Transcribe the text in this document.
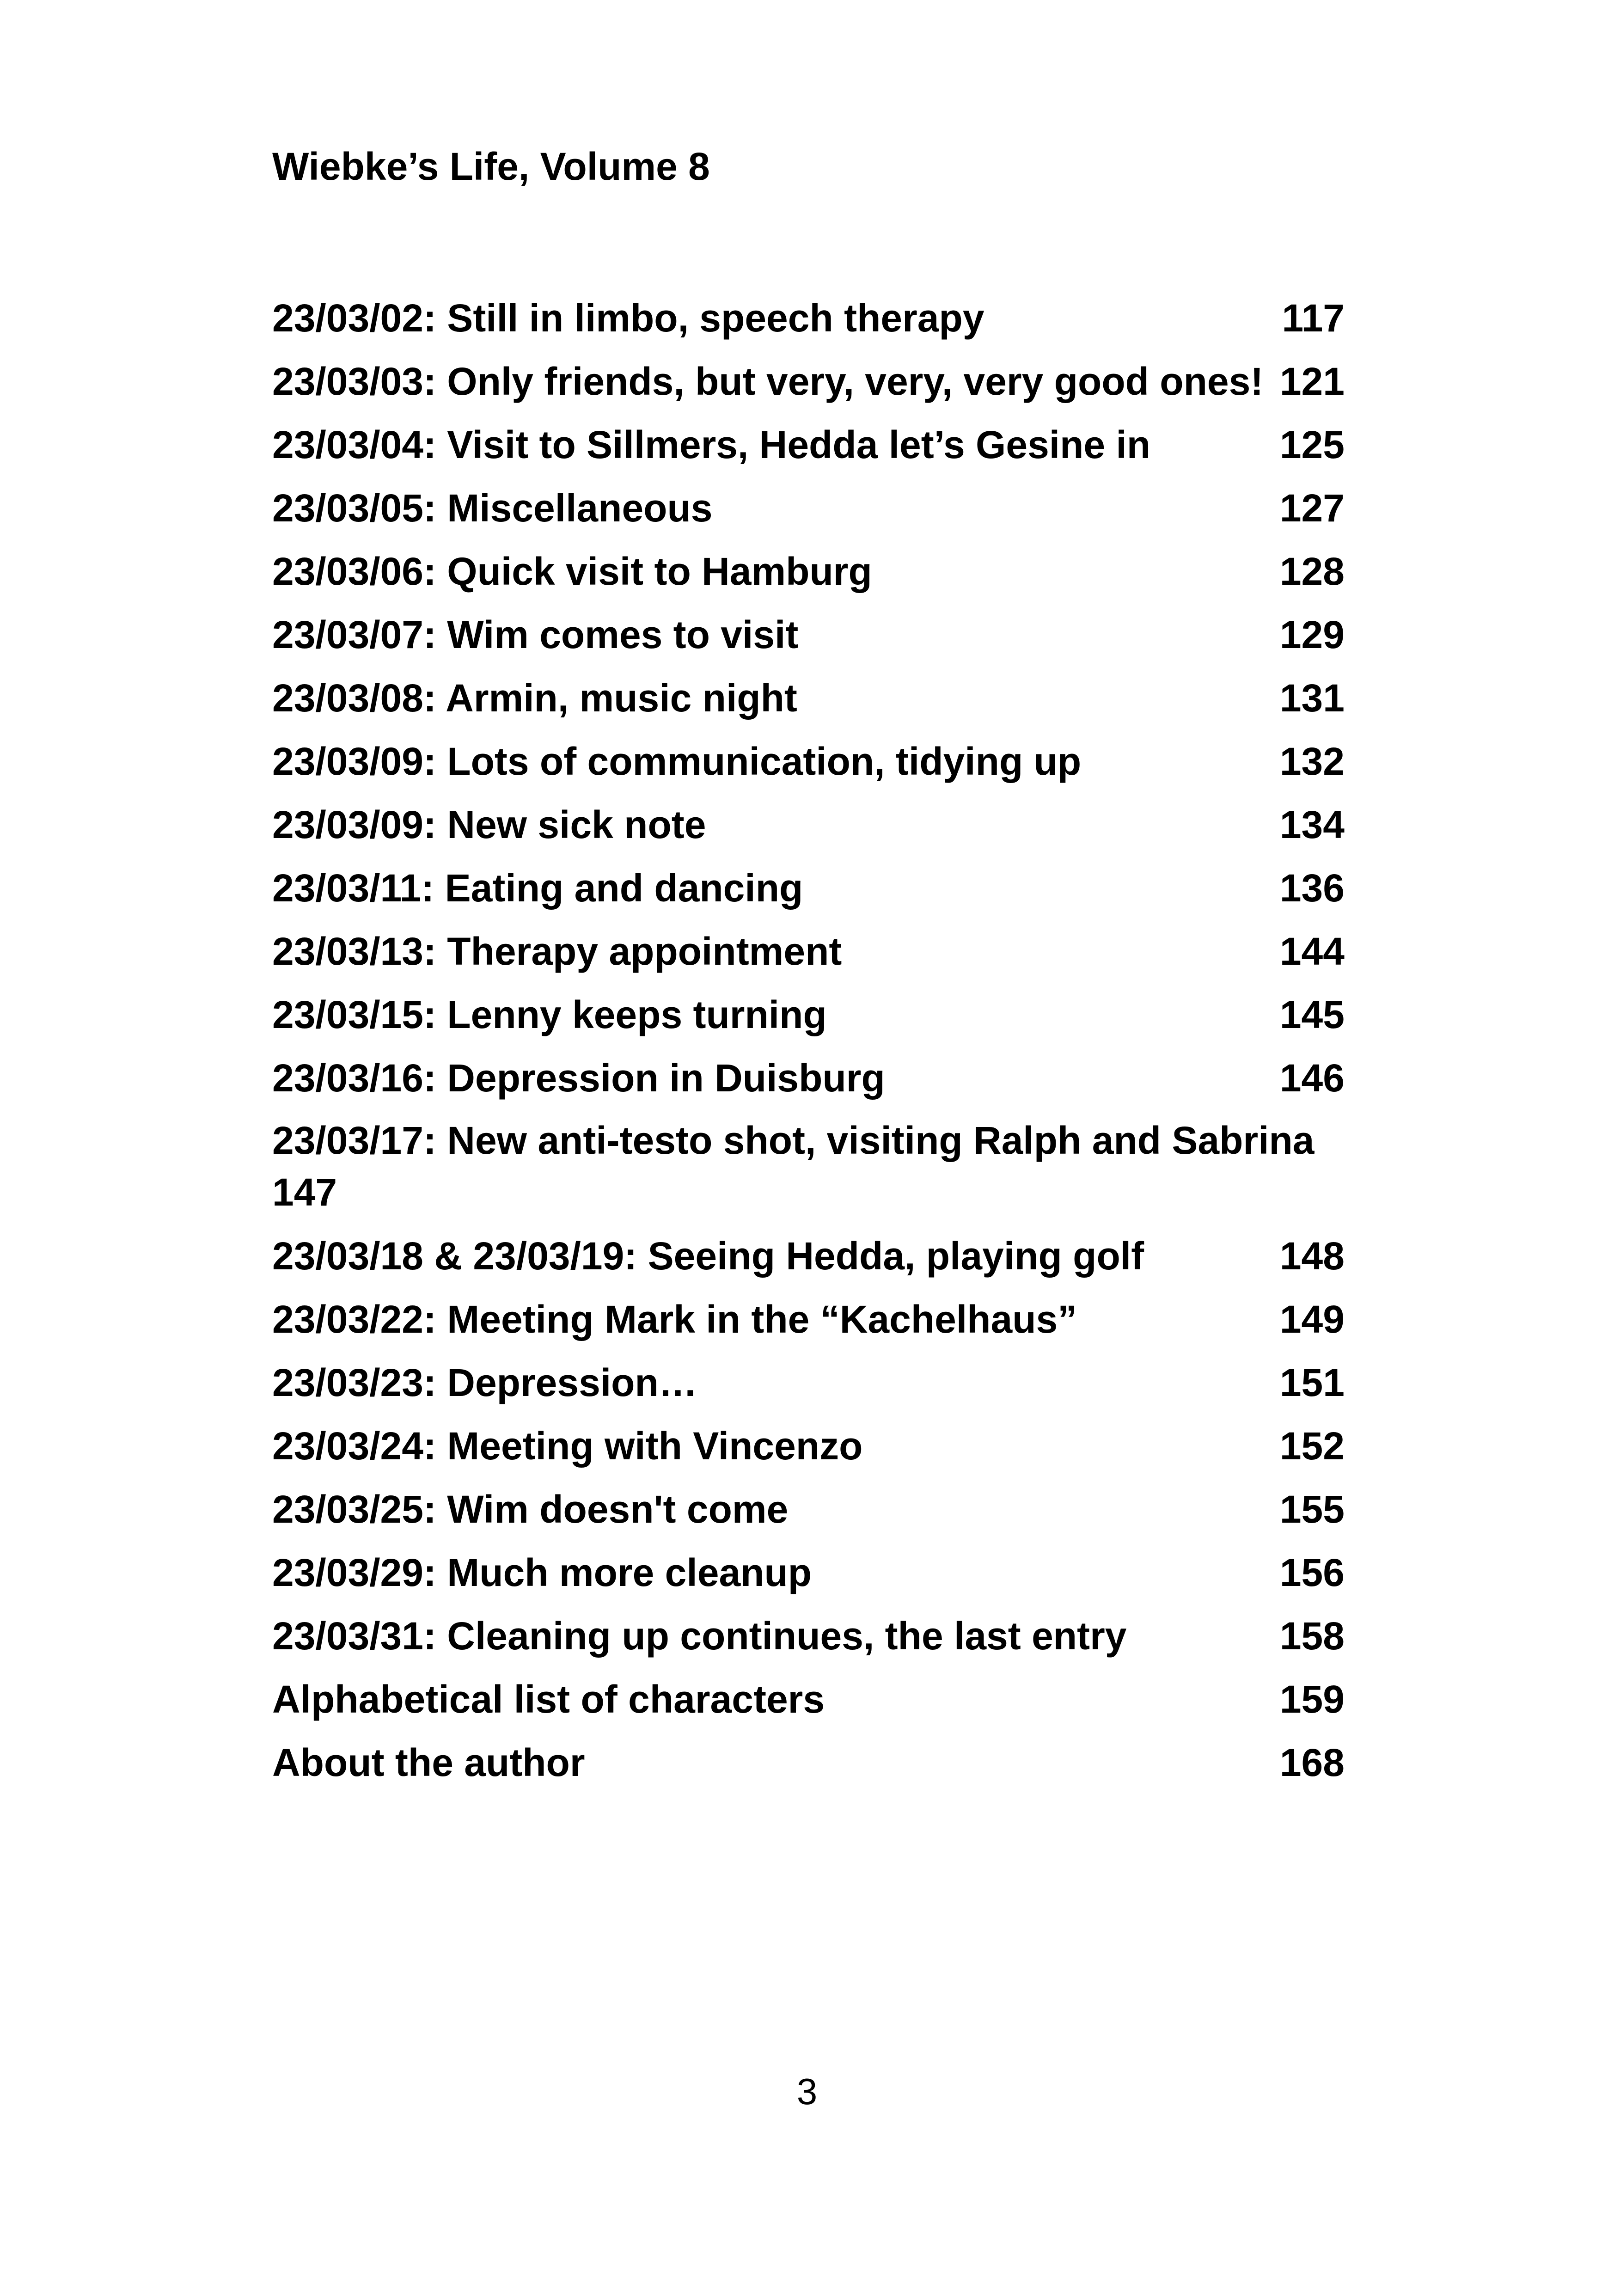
Wiebke’s Life, Volume 8
23/03/02: Still in limbo, speech therapy	117
23/03/03: Only friends, but very, very, very good ones! 121
23/03/04: Visit to Sillmers, Hedda let’s Gesine in	125
23/03/05: Miscellaneous	127
23/03/06: Quick visit to Hamburg	128
23/03/07: Wim comes to visit	129
23/03/08: Armin, music night	131
23/03/09: Lots of communication, tidying up	132
23/03/09: New sick note	134
23/03/11: Eating and dancing	136
23/03/13: Therapy appointment	144
23/03/15: Lenny keeps turning	145
23/03/16: Depression in Duisburg	146
23/03/17: New anti-testo shot, visiting Ralph and Sabrina
147
23/03/18 & 23/03/19: Seeing Hedda, playing golf	148
23/03/22: Meeting Mark in the “Kachelhaus”	149
23/03/23: Depression…	151
23/03/24: Meeting with Vincenzo	152
23/03/25: Wim doesn't come	155
23/03/29: Much more cleanup	156
23/03/31: Cleaning up continues, the last entry	158
Alphabetical list of characters	159
About the author	168
3
